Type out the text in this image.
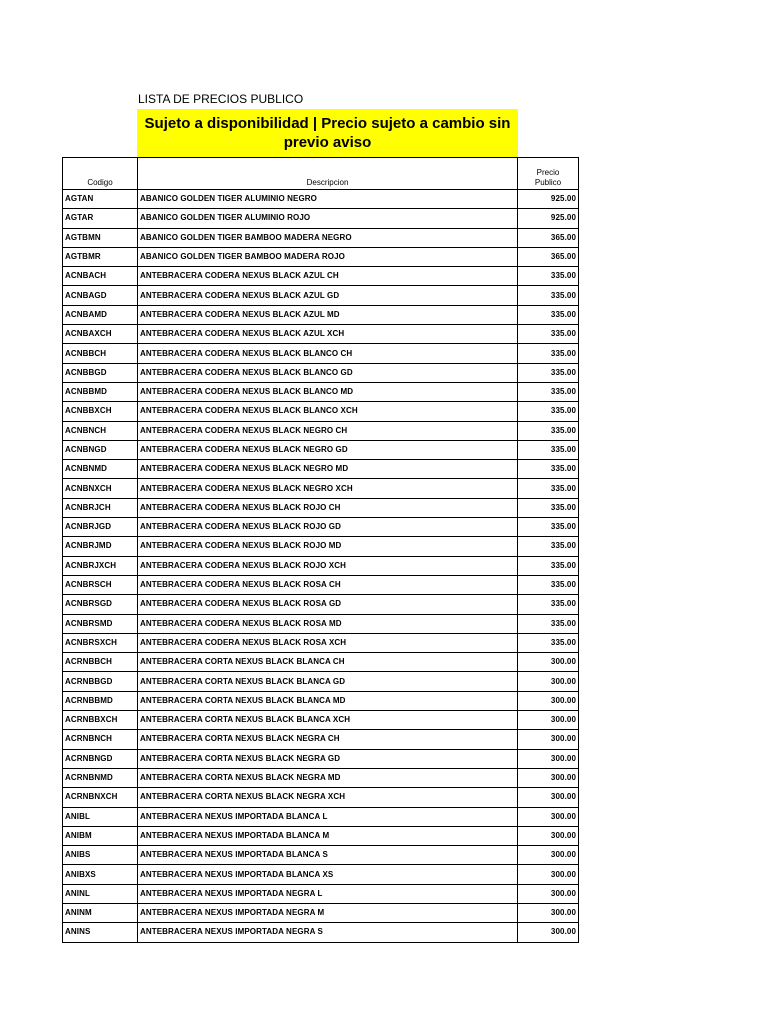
LISTA DE PRECIOS PUBLICO
Sujeto a disponibilidad | Precio sujeto a cambio sin previo aviso
Codigo	Descripcion	Precio Publico
AGTAN	ABANICO GOLDEN TIGER ALUMINIO NEGRO	925.00
AGTAR	ABANICO GOLDEN TIGER ALUMINIO ROJO	925.00
AGTBMN	ABANICO GOLDEN TIGER BAMBOO MADERA NEGRO	365.00
AGTBMR	ABANICO GOLDEN TIGER BAMBOO MADERA ROJO	365.00
ACNBACH	ANTEBRACERA CODERA NEXUS BLACK AZUL CH	335.00
ACNBAGD	ANTEBRACERA CODERA NEXUS BLACK AZUL GD	335.00
ACNBAMD	ANTEBRACERA CODERA NEXUS BLACK AZUL MD	335.00
ACNBAXCH	ANTEBRACERA CODERA NEXUS BLACK AZUL XCH	335.00
ACNBBCH	ANTEBRACERA CODERA NEXUS BLACK BLANCO CH	335.00
ACNBBGD	ANTEBRACERA CODERA NEXUS BLACK BLANCO GD	335.00
ACNBBMD	ANTEBRACERA CODERA NEXUS BLACK BLANCO MD	335.00
ACNBBXCH	ANTEBRACERA CODERA NEXUS BLACK BLANCO XCH	335.00
ACNBNCH	ANTEBRACERA CODERA NEXUS BLACK NEGRO CH	335.00
ACNBNGD	ANTEBRACERA CODERA NEXUS BLACK NEGRO GD	335.00
ACNBNMD	ANTEBRACERA CODERA NEXUS BLACK NEGRO MD	335.00
ACNBNXCH	ANTEBRACERA CODERA NEXUS BLACK NEGRO XCH	335.00
ACNBRJCH	ANTEBRACERA CODERA NEXUS BLACK ROJO CH	335.00
ACNBRJGD	ANTEBRACERA CODERA NEXUS BLACK ROJO GD	335.00
ACNBRJMD	ANTEBRACERA CODERA NEXUS BLACK ROJO MD	335.00
ACNBRJXCH	ANTEBRACERA CODERA NEXUS BLACK ROJO XCH	335.00
ACNBRSCH	ANTEBRACERA CODERA NEXUS BLACK ROSA CH	335.00
ACNBRSGD	ANTEBRACERA CODERA NEXUS BLACK ROSA GD	335.00
ACNBRSMD	ANTEBRACERA CODERA NEXUS BLACK ROSA MD	335.00
ACNBRSXCH	ANTEBRACERA CODERA NEXUS BLACK ROSA XCH	335.00
ACRNBBCH	ANTEBRACERA CORTA NEXUS BLACK BLANCA CH	300.00
ACRNBBGD	ANTEBRACERA CORTA NEXUS BLACK BLANCA GD	300.00
ACRNBBMD	ANTEBRACERA CORTA NEXUS BLACK BLANCA MD	300.00
ACRNBBXCH	ANTEBRACERA CORTA NEXUS BLACK BLANCA XCH	300.00
ACRNBNCH	ANTEBRACERA CORTA NEXUS BLACK NEGRA CH	300.00
ACRNBNGD	ANTEBRACERA CORTA NEXUS BLACK NEGRA GD	300.00
ACRNBNMD	ANTEBRACERA CORTA NEXUS BLACK NEGRA MD	300.00
ACRNBNXCH	ANTEBRACERA CORTA NEXUS BLACK NEGRA XCH	300.00
ANIBL	ANTEBRACERA NEXUS IMPORTADA BLANCA L	300.00
ANIBM	ANTEBRACERA NEXUS IMPORTADA BLANCA M	300.00
ANIBS	ANTEBRACERA NEXUS IMPORTADA BLANCA S	300.00
ANIBXS	ANTEBRACERA NEXUS IMPORTADA BLANCA XS	300.00
ANINL	ANTEBRACERA NEXUS IMPORTADA NEGRA L	300.00
ANINM	ANTEBRACERA NEXUS IMPORTADA NEGRA M	300.00
ANINS	ANTEBRACERA NEXUS IMPORTADA NEGRA S	300.00
